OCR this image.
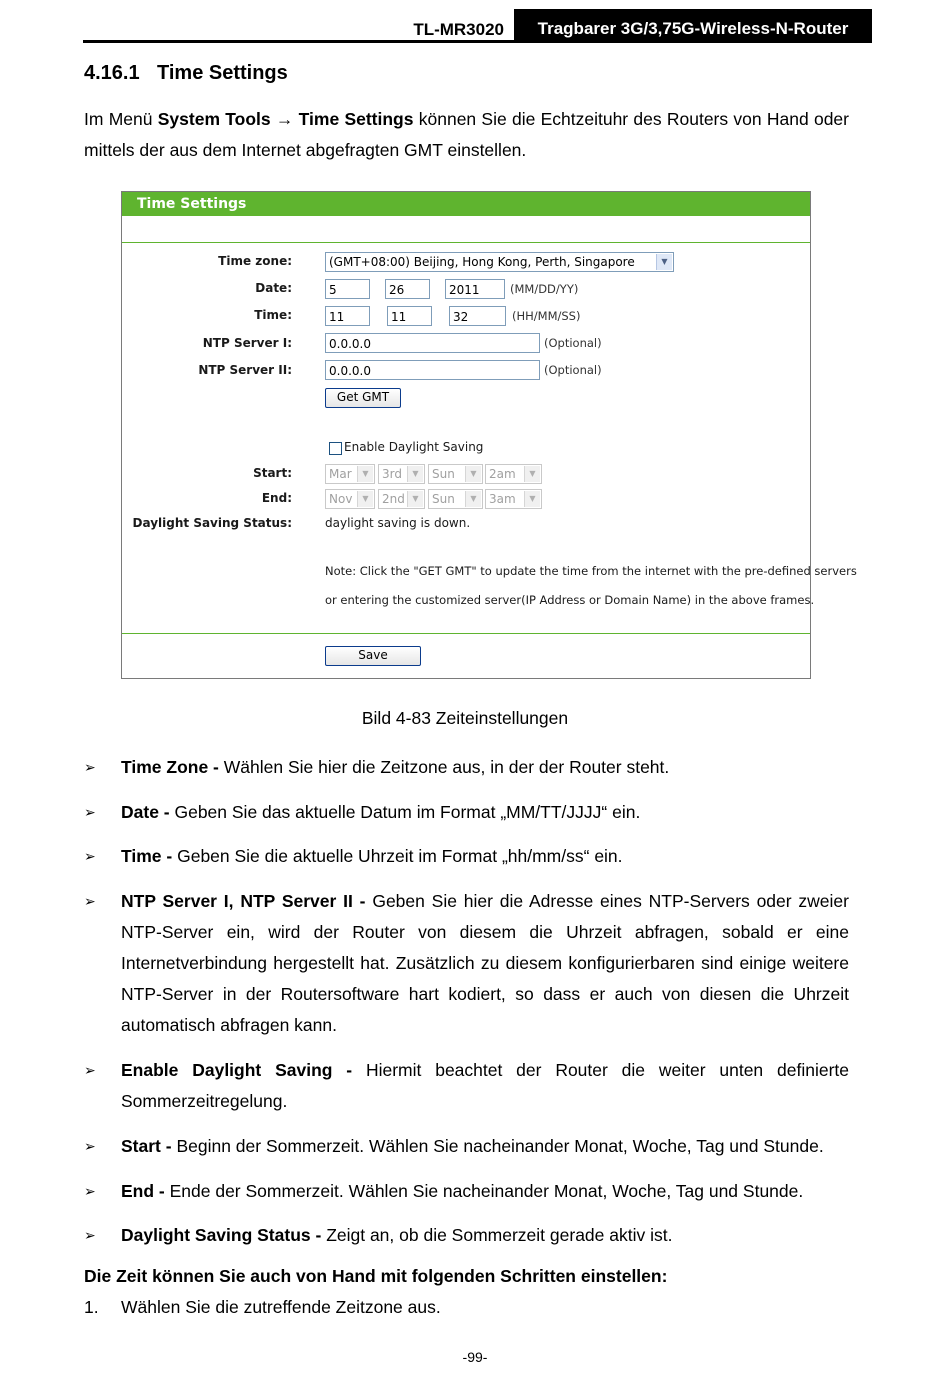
TL-MR3020	Tragbarer 3G/3,75G-Wireless-N-Router
4.16.1 Time Settings
Im Menü System Tools → Time Settings können Sie die Echtzeituhr des Routers von Hand oder mittels der aus dem Internet abgefragten GMT einstellen.
Time Settings
Time zone:	(GMT+08:00) Beijing, Hong Kong, Perth, Singapore	▼
Date:	5	26	2011	(MM/DD/YY)
Time:	11	11	32	(HH/MM/SS)
NTP Server I:	0.0.0.0	(Optional)
NTP Server II:	0.0.0.0	(Optional)
Get GMT
Enable Daylight Saving
Start:	Mar	▼	3rd	▼	Sun	▼	2am	▼
End:	Nov	▼	2nd ▼	Sun	▼	3am	▼
Daylight Saving Status:	daylight saving is down.
Note: Click the "GET GMT" to update the time from the internet with the pre-defined servers
or entering the customized server(IP Address or Domain Name) in the above frames.
Save
Bild 4-83 Zeiteinstellungen
➢ Time Zone - Wählen Sie hier die Zeitzone aus, in der der Router steht.
➢ Date - Geben Sie das aktuelle Datum im Format „MM/TT/JJJJ“ ein.
➢ Time - Geben Sie die aktuelle Uhrzeit im Format „hh/mm/ss“ ein.
➢ NTP Server I, NTP Server II - Geben Sie hier die Adresse eines NTP-Servers oder zweier NTP-Server ein, wird der Router von diesem die Uhrzeit abfragen, sobald er eine Internetverbindung hergestellt hat. Zusätzlich zu diesem konfigurierbaren sind einige weitere NTP-Server in der Routersoftware hart kodiert, so dass er auch von diesen die Uhrzeit automatisch abfragen kann.
➢ Enable Daylight Saving - Hiermit beachtet der Router die weiter unten definierte Sommerzeitregelung.
➢ Start - Beginn der Sommerzeit. Wählen Sie nacheinander Monat, Woche, Tag und Stunde.
➢ End - Ende der Sommerzeit. Wählen Sie nacheinander Monat, Woche, Tag und Stunde.
➢ Daylight Saving Status - Zeigt an, ob die Sommerzeit gerade aktiv ist.
Die Zeit können Sie auch von Hand mit folgenden Schritten einstellen:
1. Wählen Sie die zutreffende Zeitzone aus.
-99-
